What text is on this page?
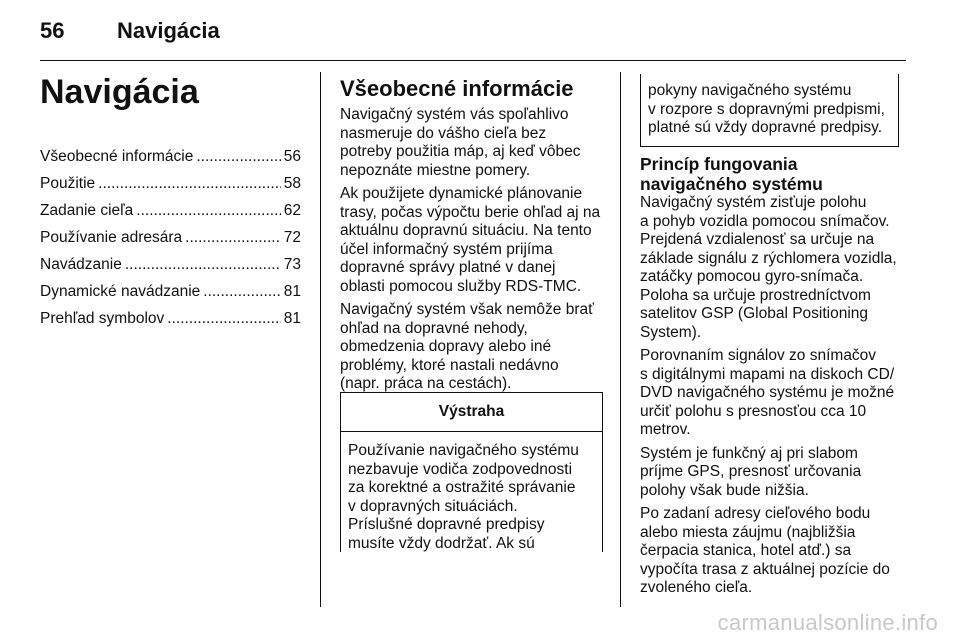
56 Navigácia
Navigácia
Všeobecné informácie .....	56
Použitie .....	58
Zadanie cieľa .....	62
Používanie adresára .....	72
Navádzanie .....	73
Dynamické navádzanie .....	81
Prehľad symbolov .....	81
Všeobecné informácie
Navigačný systém vás spoľahlivo
nasmeruje do vášho cieľa bez
potreby použitia máp, aj keď vôbec
nepoznáte miestne pomery.
Ak použijete dynamické plánovanie
trasy, počas výpočtu berie ohľad aj na
aktuálnu dopravnú situáciu. Na tento
účel informačný systém prijíma
dopravné správy platné v danej
oblasti pomocou služby RDS-TMC.
Navigačný systém však nemôže brať
ohľad na dopravné nehody,
obmedzenia dopravy alebo iné
problémy, ktoré nastali nedávno
(napr. práca na cestách).
Výstraha
Používanie navigačného systému
nezbavuje vodiča zodpovednosti
za korektné a ostražité správanie
v dopravných situáciách.
Príslušné dopravné predpisy
musíte vždy dodržať. Ak sú
pokyny navigačného systému
v rozpore s dopravnými predpismi,
platné sú vždy dopravné predpisy.
Princíp fungovania
navigačného systému
Navigačný systém zisťuje polohu
a pohyb vozidla pomocou snímačov.
Prejdená vzdialenosť sa určuje na
základe signálu z rýchlomera vozidla,
zatáčky pomocou gyro-snímača.
Poloha sa určuje prostredníctvom
satelitov GSP (Global Positioning
System).
Porovnaním signálov zo snímačov
s digitálnymi mapami na diskoch CD/
DVD navigačného systému je možné
určiť polohu s presnosťou cca 10
metrov.
Systém je funkčný aj pri slabom
príjme GPS, presnosť určovania
polohy však bude nižšia.
Po zadaní adresy cieľového bodu
alebo miesta záujmu (najbližšia
čerpacia stanica, hotel atď.) sa
vypočíta trasa z aktuálnej pozície do
zvoleného cieľa.
carmanualsonline.info
